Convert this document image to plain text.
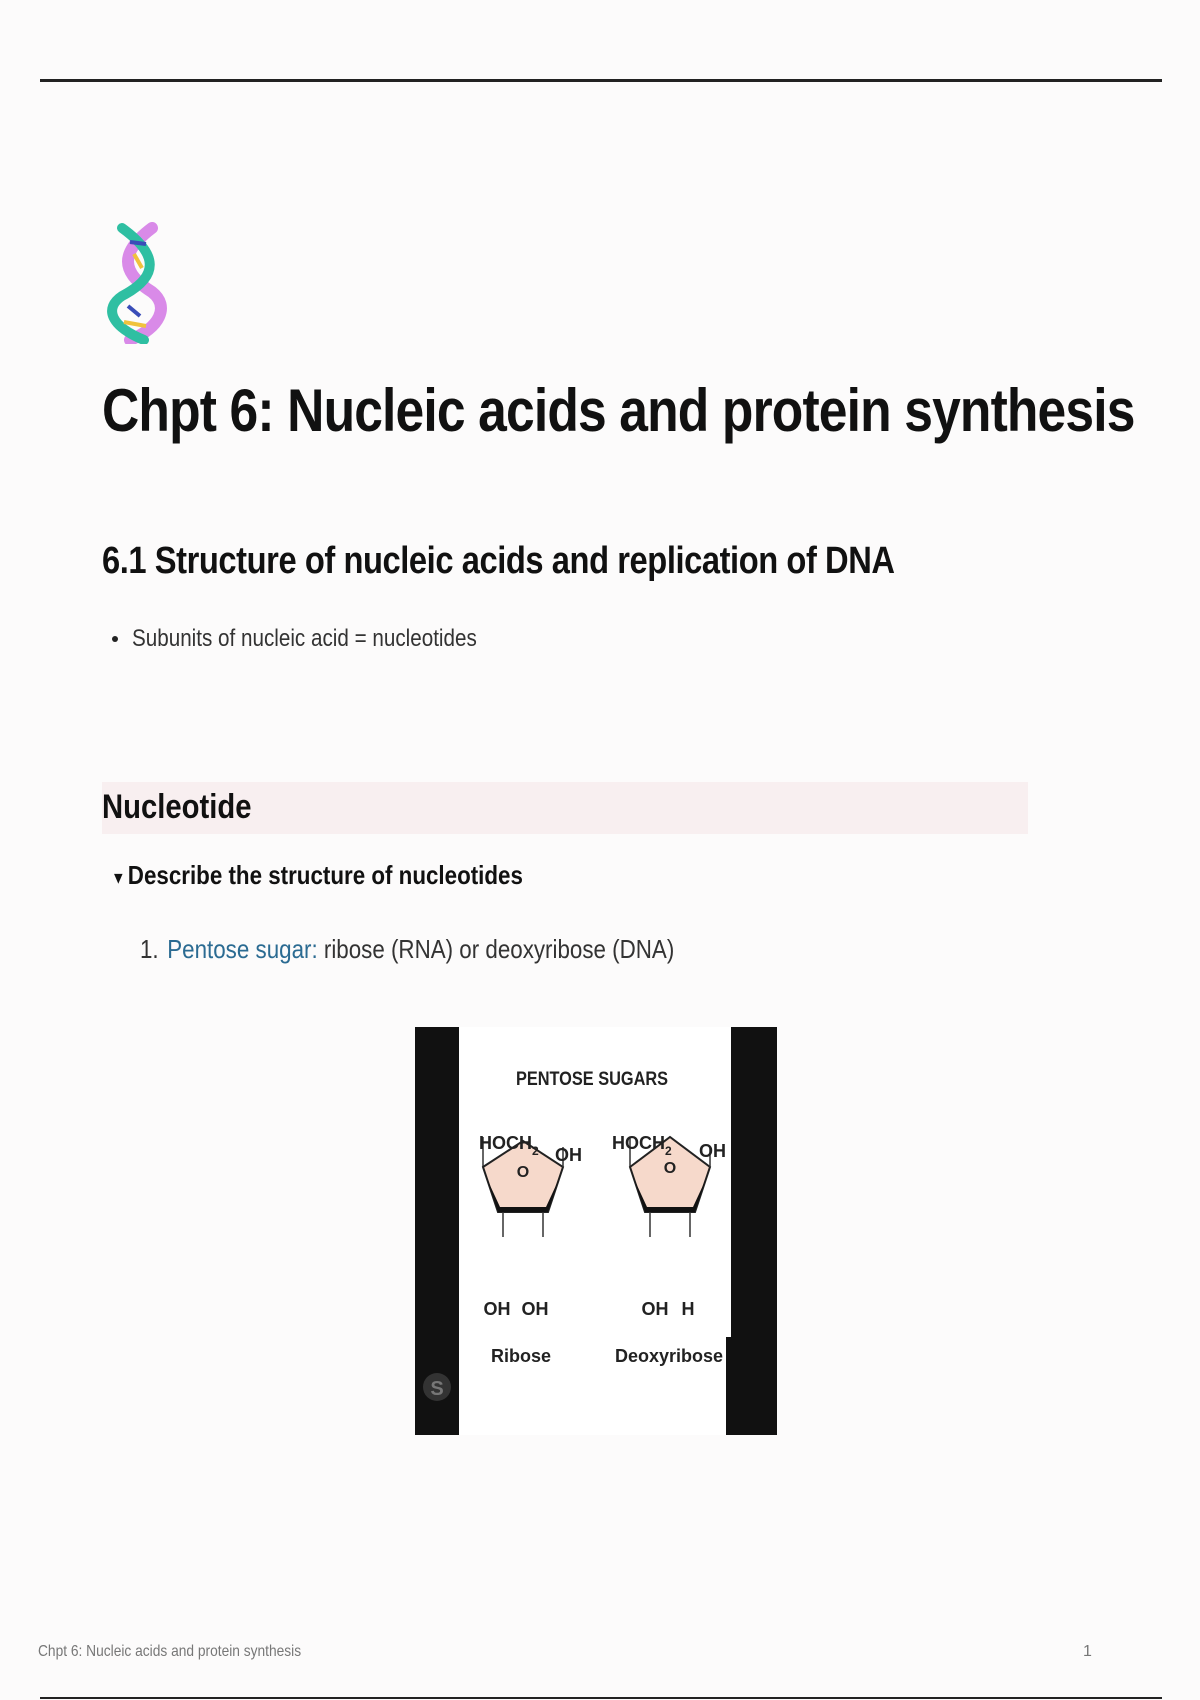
Chpt 6: Nucleic acids and protein synthesis
6.1 Structure of nucleic acids and replication of DNA
Subunits of nucleic acid = nucleotides
Nucleotide
▾ Describe the structure of nucleotides
1. Pentose sugar: ribose (RNA) or deoxyribose (DNA)
S
PENTOSE SUGARS
$HOCH_2$
O
OH
OH OH
Ribose
$HOCH_2$
O
OH
OH H
Deoxyribose
Chpt 6: Nucleic acids and protein synthesis	1
